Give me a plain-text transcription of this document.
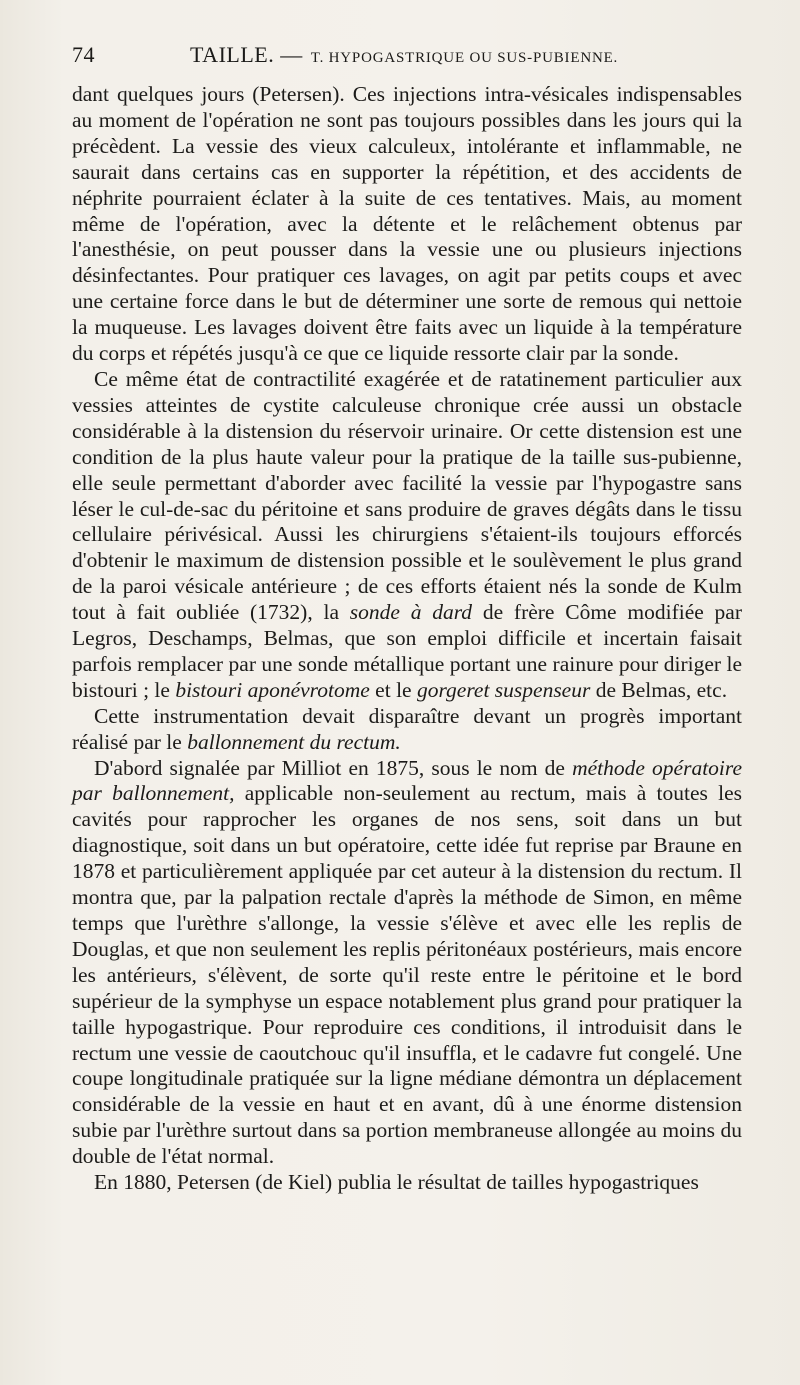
74	TAILLE. — T. HYPOGASTRIQUE OU SUS-PUBIENNE.

dant quelques jours (Petersen). Ces injections intra-vésicales indispensables au moment de l'opération ne sont pas toujours possibles dans les jours qui la précèdent. La vessie des vieux calculeux, intolérante et inflammable, ne saurait dans certains cas en supporter la répétition, et des accidents de néphrite pourraient éclater à la suite de ces tentatives. Mais, au moment même de l'opération, avec la détente et le relâchement obtenus par l'anesthésie, on peut pousser dans la vessie une ou plusieurs injections désinfectantes. Pour pratiquer ces lavages, on agit par petits coups et avec une certaine force dans le but de déterminer une sorte de remous qui nettoie la muqueuse. Les lavages doivent être faits avec un liquide à la température du corps et répétés jusqu'à ce que ce liquide ressorte clair par la sonde.

Ce même état de contractilité exagérée et de ratatinement particulier aux vessies atteintes de cystite calculeuse chronique crée aussi un obstacle considérable à la distension du réservoir urinaire. Or cette distension est une condition de la plus haute valeur pour la pratique de la taille sus-pubienne, elle seule permettant d'aborder avec facilité la vessie par l'hypogastre sans léser le cul-de-sac du péritoine et sans produire de graves dégâts dans le tissu cellulaire périvésical. Aussi les chirurgiens s'étaient-ils toujours efforcés d'obtenir le maximum de distension possible et le soulèvement le plus grand de la paroi vésicale antérieure ; de ces efforts étaient nés la sonde de Kulm tout à fait oubliée (1732), la sonde à dard de frère Côme modifiée par Legros, Deschamps, Belmas, que son emploi difficile et incertain faisait parfois remplacer par une sonde métallique portant une rainure pour diriger le bistouri ; le bistouri aponévrotome et le gorgeret suspenseur de Belmas, etc.

Cette instrumentation devait disparaître devant un progrès important réalisé par le ballonnement du rectum.

D'abord signalée par Milliot en 1875, sous le nom de méthode opératoire par ballonnement, applicable non-seulement au rectum, mais à toutes les cavités pour rapprocher les organes de nos sens, soit dans un but diagnostique, soit dans un but opératoire, cette idée fut reprise par Braune en 1878 et particulièrement appliquée par cet auteur à la distension du rectum. Il montra que, par la palpation rectale d'après la méthode de Simon, en même temps que l'urèthre s'allonge, la vessie s'élève et avec elle les replis de Douglas, et que non seulement les replis péritonéaux postérieurs, mais encore les antérieurs, s'élèvent, de sorte qu'il reste entre le péritoine et le bord supérieur de la symphyse un espace notablement plus grand pour pratiquer la taille hypogastrique. Pour reproduire ces conditions, il introduisit dans le rectum une vessie de caoutchouc qu'il insuffla, et le cadavre fut congelé. Une coupe longitudinale pratiquée sur la ligne médiane démontra un déplacement considérable de la vessie en haut et en avant, dû à une énorme distension subie par l'urèthre surtout dans sa portion membraneuse allongée au moins du double de l'état normal.

En 1880, Petersen (de Kiel) publia le résultat de tailles hypogastriques
